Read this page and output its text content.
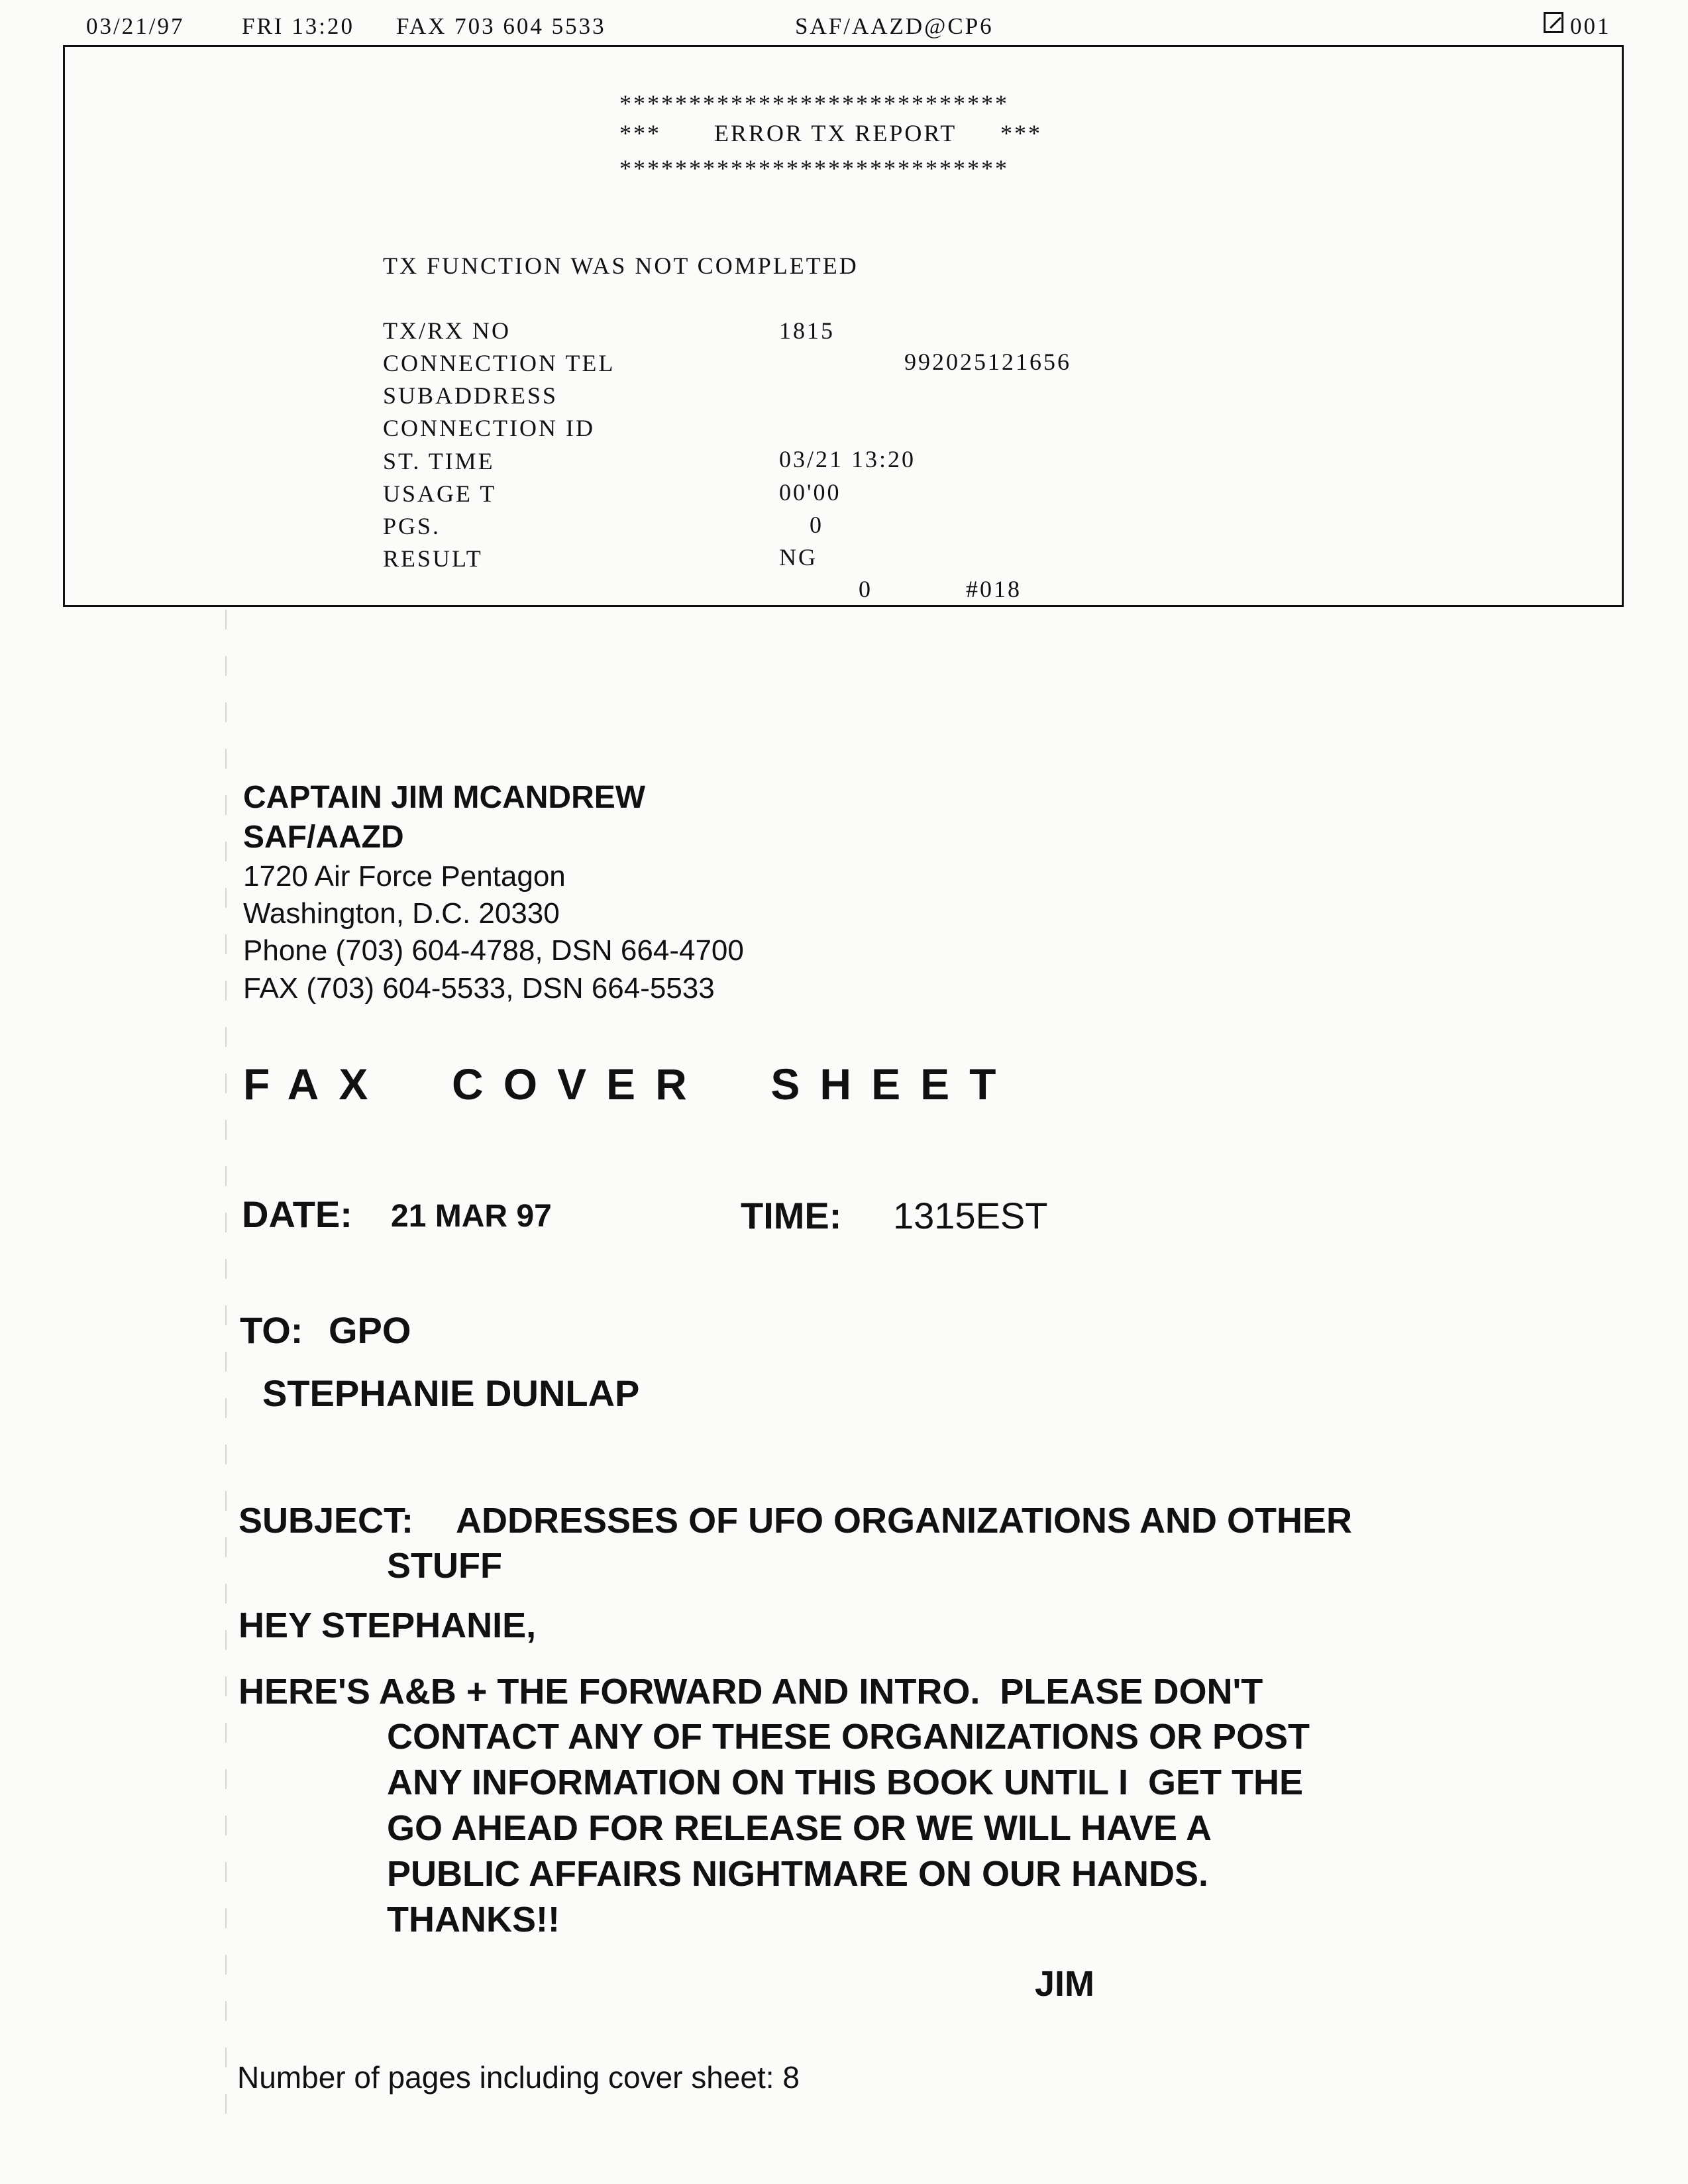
03/21/97 FRI 13:20 FAX 703 604 5533	SAF/AAZD@CP6	001
****************************
*** ERROR TX REPORT ***
****************************
TX FUNCTION WAS NOT COMPLETED
TX/RX NO	1815
CONNECTION TEL	992025121656
SUBADDRESS
CONNECTION ID
ST. TIME	03/21 13:20
USAGE T	00'00
PGS.	0
RESULT	NG
0	#018
CAPTAIN JIM MCANDREW
SAF/AAZD
1720 Air Force Pentagon
Washington, D.C. 20330
Phone (703) 604-4788, DSN 664-4700
FAX (703) 604-5533, DSN 664-5533
FAX  COVER  SHEET
DATE: 21 MAR 97	TIME: 1315EST
TO: GPO
STEPHANIE DUNLAP
SUBJECT: ADDRESSES OF UFO ORGANIZATIONS AND OTHER
STUFF
HEY STEPHANIE,
HERE'S A&B + THE FORWARD AND INTRO.  PLEASE DON'T
CONTACT ANY OF THESE ORGANIZATIONS OR POST
ANY INFORMATION ON THIS BOOK UNTIL I  GET THE
GO AHEAD FOR RELEASE OR WE WILL HAVE A
PUBLIC AFFAIRS NIGHTMARE ON OUR HANDS.
THANKS!!
JIM
Number of pages including cover sheet: 8
